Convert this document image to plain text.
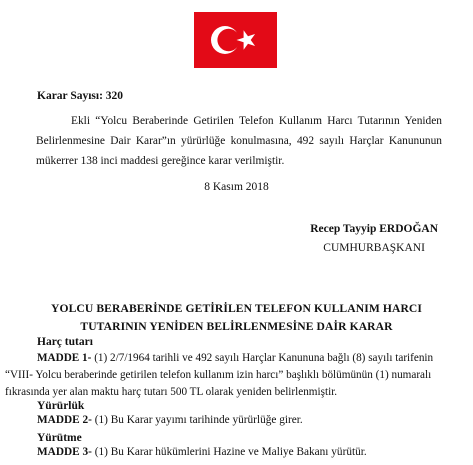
Karar Sayısı: 320
Ekli “Yolcu Beraberinde Getirilen Telefon Kullanım Harcı Tutarının Yeniden Belirlenmesine Dair Karar”ın yürürlüğe konulmasına, 492 sayılı Harçlar Kanununun mükerrer 138 inci maddesi gereğince karar verilmiştir.
8 Kasım 2018
Recep Tayyip ERDOĞAN
CUMHURBAŞKANI
YOLCU BERABERİNDE GETİRİLEN TELEFON KULLANIM HARCI
TUTARININ YENİDEN BELİRLENMESİNE DAİR KARAR
Harç tutarı
MADDE 1- (1) 2/7/1964 tarihli ve 492 sayılı Harçlar Kanununa bağlı (8) sayılı tarifenin
“VIII- Yolcu beraberinde getirilen telefon kullanım izin harcı” başlıklı bölümünün (1) numaralı
fıkrasında yer alan maktu harç tutarı 500 TL olarak yeniden belirlenmiştir.
Yürürlük
MADDE 2- (1) Bu Karar yayımı tarihinde yürürlüğe girer.
Yürütme
MADDE 3- (1) Bu Karar hükümlerini Hazine ve Maliye Bakanı yürütür.
